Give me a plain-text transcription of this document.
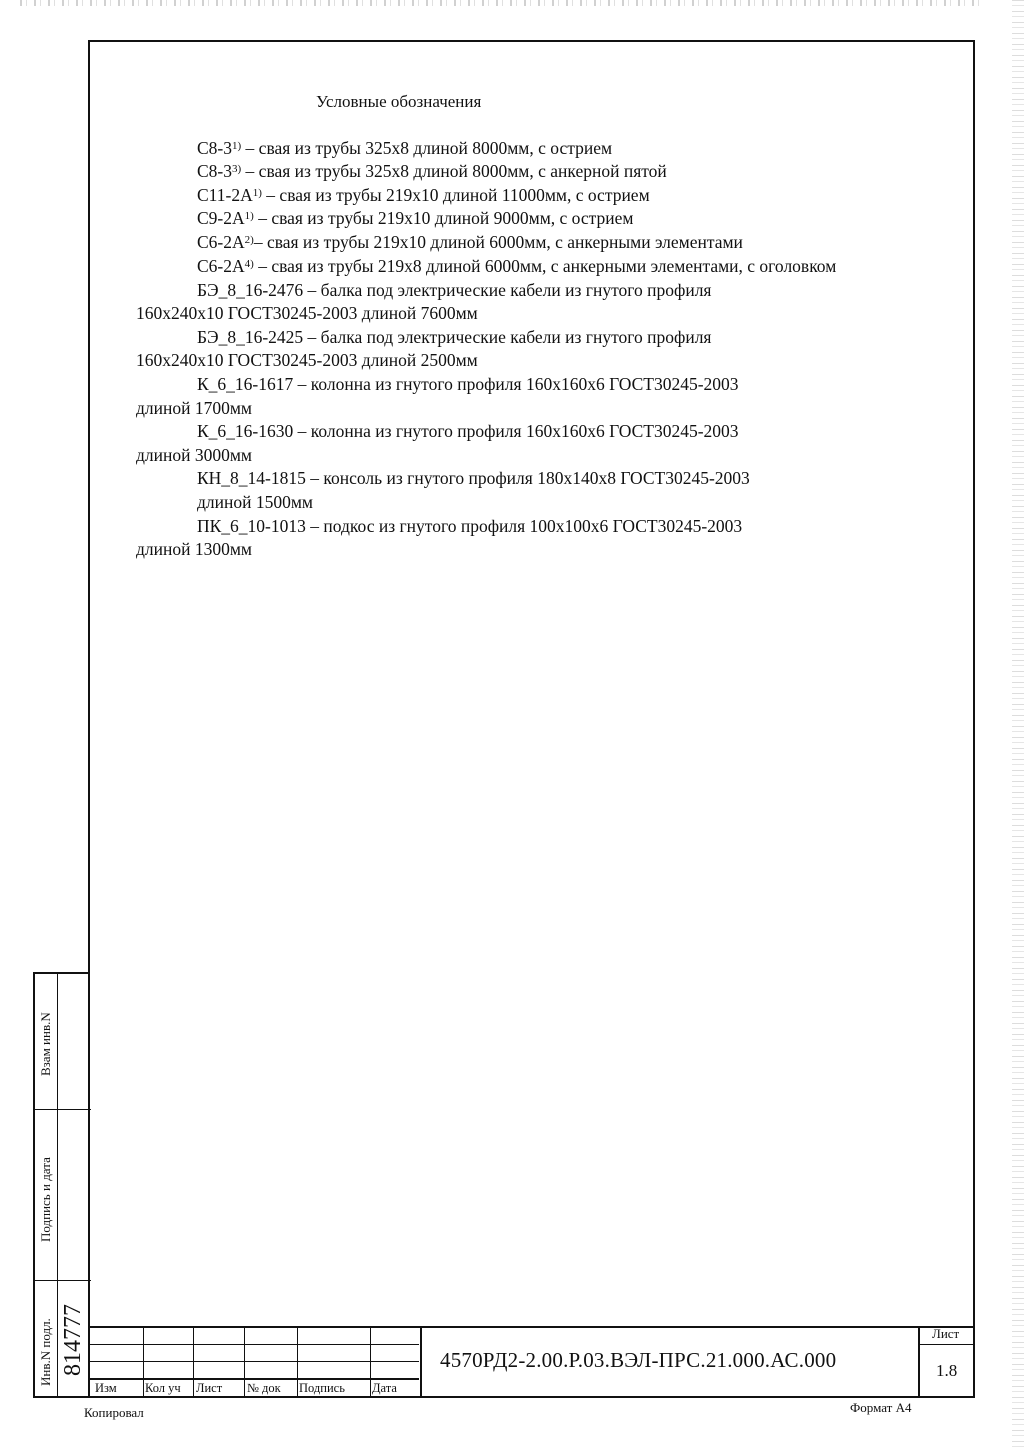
Условные обозначения
С8-3$^{1)}$ – свая из трубы 325х8 длиной 8000мм, с острием
С8-3$^{3)}$ – свая из трубы 325х8 длиной 8000мм, с анкерной пятой
$С11-2А^{1)}$ – свая из трубы 219х10 длиной 11000мм, с острием
$С9-2А^{1)}$ – свая из трубы 219х10 длиной 9000мм, с острием
$С6-2А^{2)}-$ свая из трубы 219х10 длиной 6000мм, с анкерными элементами
$С6-2А^{4)}$ – свая из трубы 219х8 длиной 6000мм, с анкерными элементами, с оголовком
БЭ_8_16-2476 – балка под электрические кабели из гнутого профиля
160х240х10 ГОСТ30245-2003 длиной 7600мм
БЭ_8_16-2425 – балка под электрические кабели из гнутого профиля
160х240х10 ГОСТ30245-2003 длиной 2500мм
К_6_16-1617 – колонна из гнутого профиля 160х160х6 ГОСТ30245-2003
длиной 1700мм
К_6_16-1630 – колонна из гнутого профиля 160х160х6 ГОСТ30245-2003
длиной 3000мм
КН_8_14-1815 – консоль из гнутого профиля 180х140х8 ГОСТ30245-2003
длиной 1500мм
ПК_6_10-1013 – подкос из гнутого профиля 100х100х6 ГОСТ30245-2003
длиной 1300мм
Взам инв.N
Подпись и дата
Инв.N подл. 814777
Изм Кол уч Лист № док Подпись Дата
4570РД2-2.00.Р.03.ВЭЛ-ПРС.21.000.АС.000
Лист
1.8
Копировал	Формат А4
